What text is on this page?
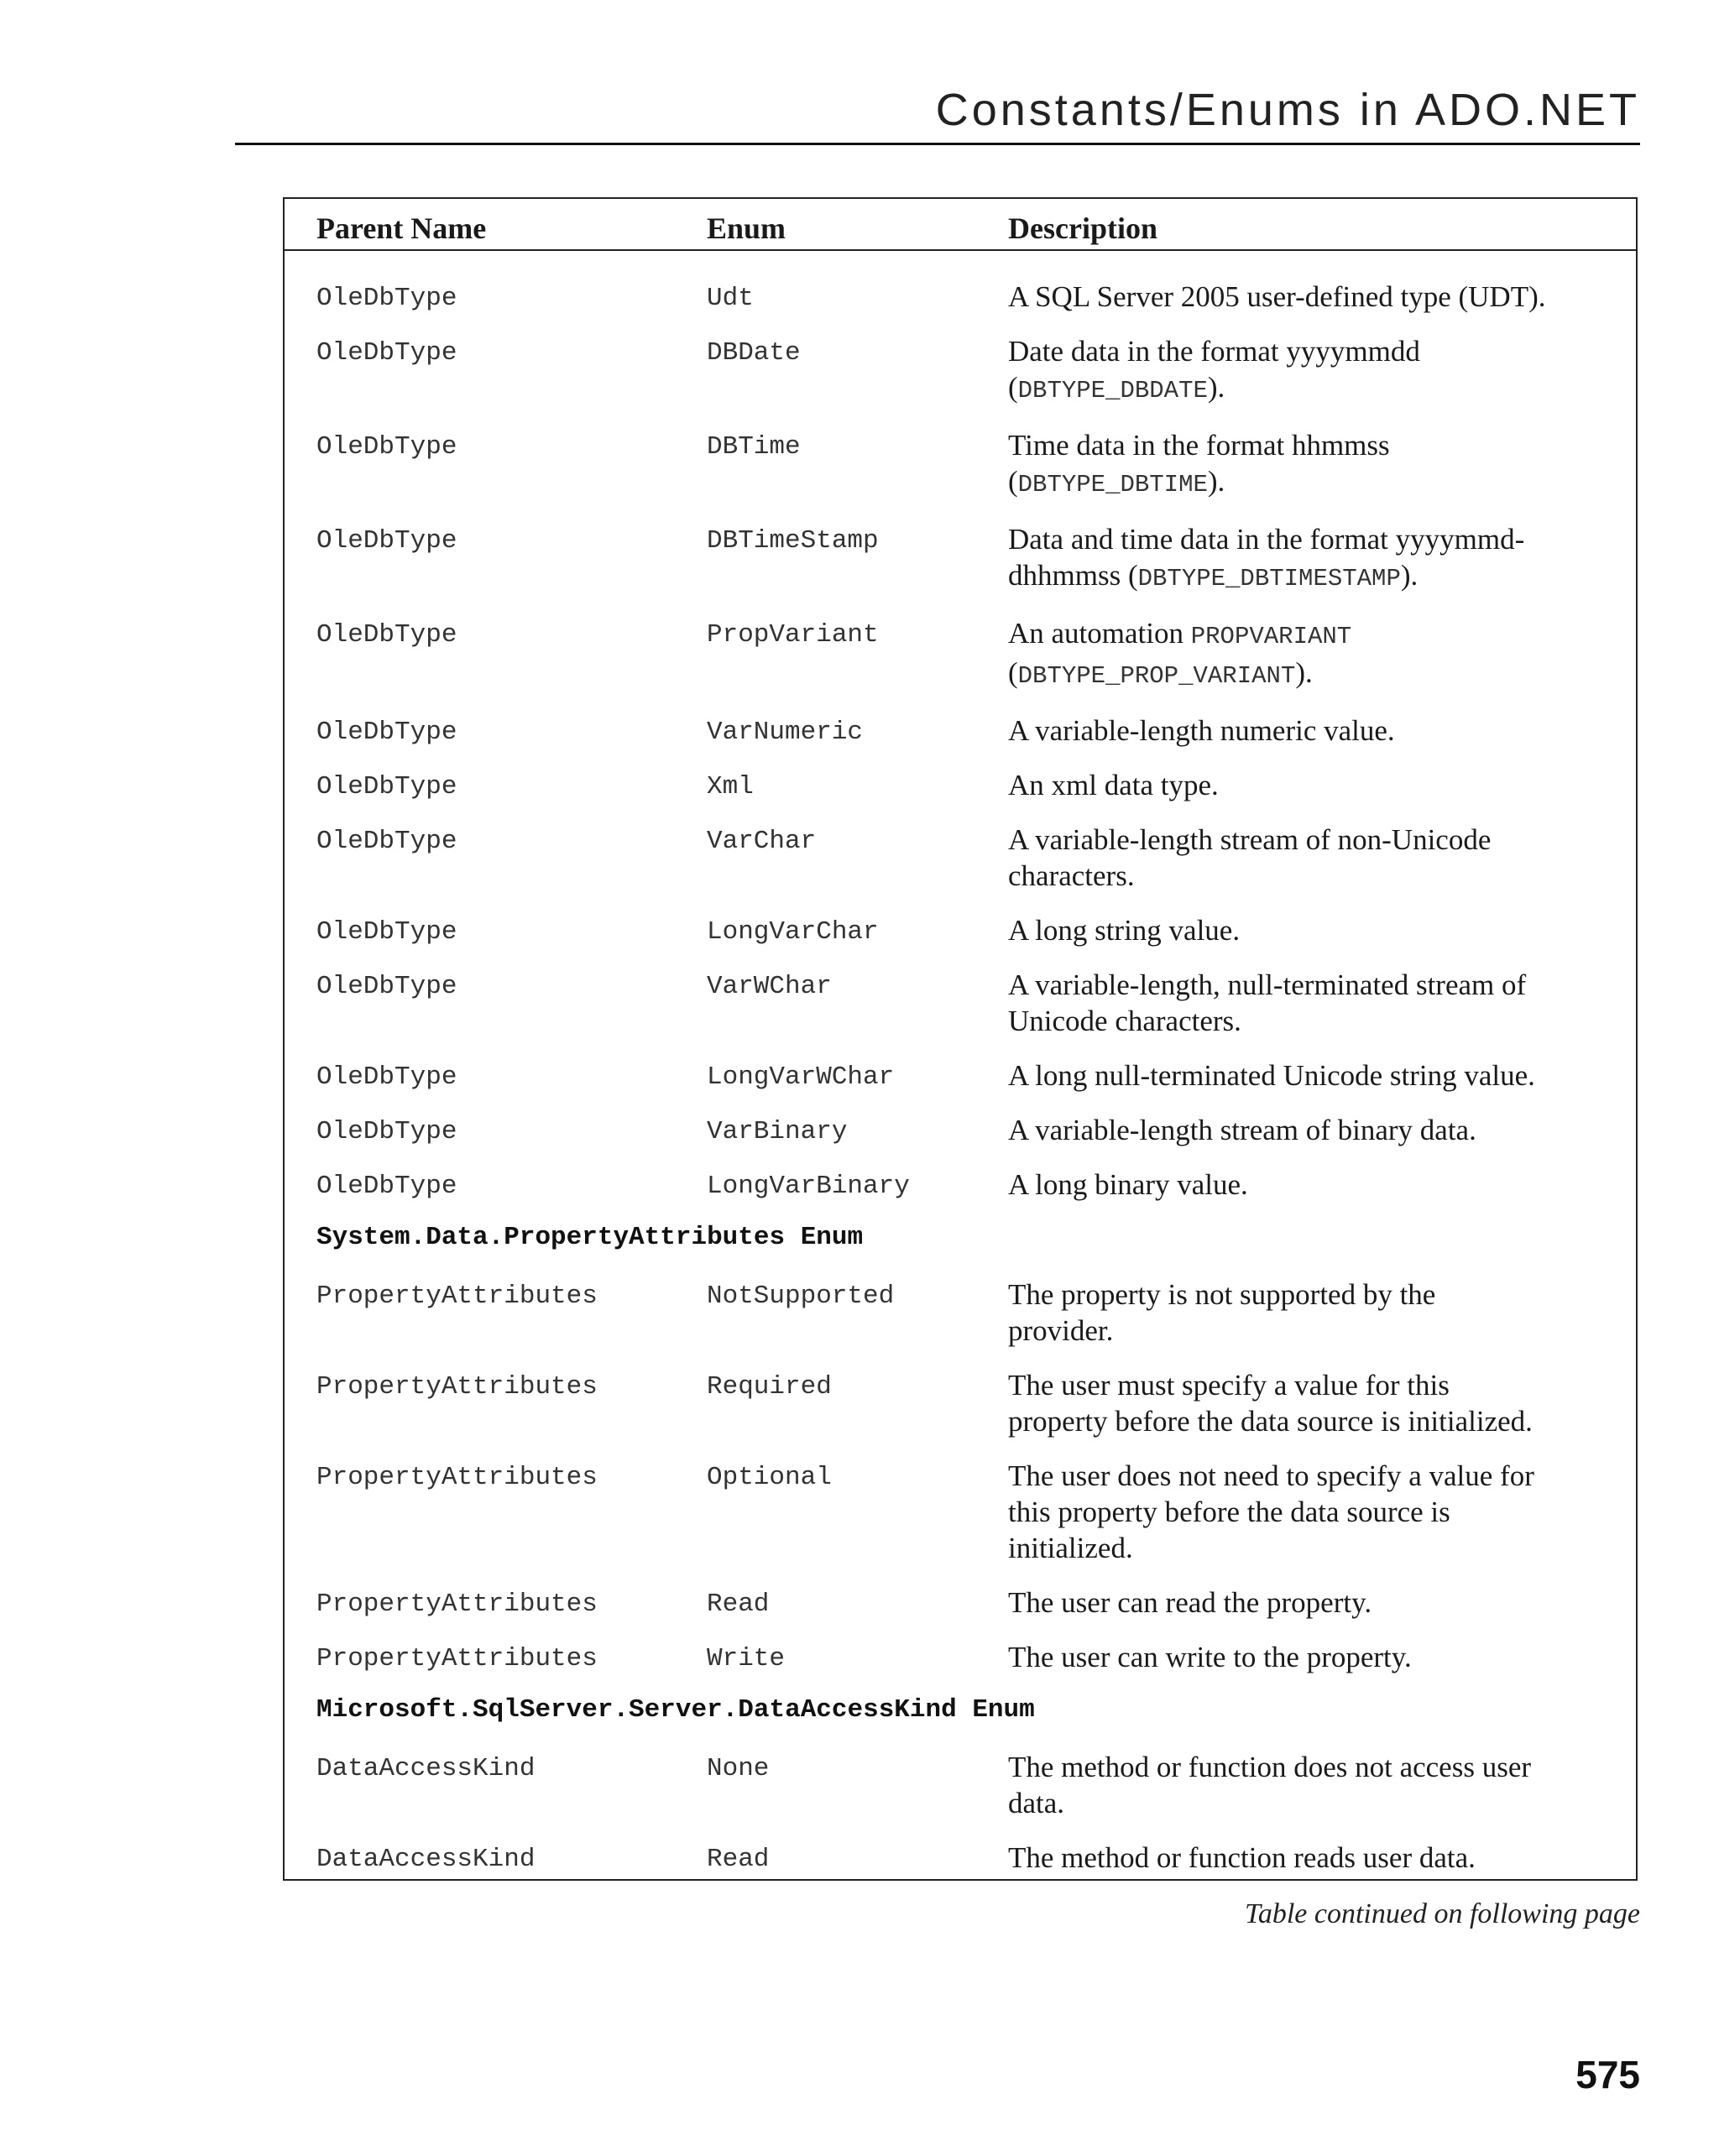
Constants/Enums in ADO.NET
Parent Name	Enum	Description
OleDbType	Udt	A SQL Server 2005 user-defined type (UDT).
OleDbType	DBDate	Date data in the format yyyymmdd
(DBTYPE_DBDATE).
OleDbType	DBTime	Time data in the format hhmmss
(DBTYPE_DBTIME).
OleDbType	DBTimeStamp	Data and time data in the format yyyymmd-
dhhmmss (DBTYPE_DBTIMESTAMP).
OleDbType	PropVariant	An automation PROPVARIANT
(DBTYPE_PROP_VARIANT).
OleDbType	VarNumeric	A variable-length numeric value.
OleDbType	Xml	An xml data type.
OleDbType	VarChar	A variable-length stream of non-Unicode
characters.
OleDbType	LongVarChar	A long string value.
OleDbType	VarWChar	A variable-length, null-terminated stream of
Unicode characters.
OleDbType	LongVarWChar	A long null-terminated Unicode string value.
OleDbType	VarBinary	A variable-length stream of binary data.
OleDbType	LongVarBinary	A long binary value.
System.Data.PropertyAttributes Enum
PropertyAttributes	NotSupported	The property is not supported by the
provider.
PropertyAttributes	Required	The user must specify a value for this
property before the data source is initialized.
PropertyAttributes	Optional	The user does not need to specify a value for
this property before the data source is
initialized.
PropertyAttributes	Read	The user can read the property.
PropertyAttributes	Write	The user can write to the property.
Microsoft.SqlServer.Server.DataAccessKind Enum
DataAccessKind	None	The method or function does not access user
data.
DataAccessKind	Read	The method or function reads user data.
Table continued on following page
575
